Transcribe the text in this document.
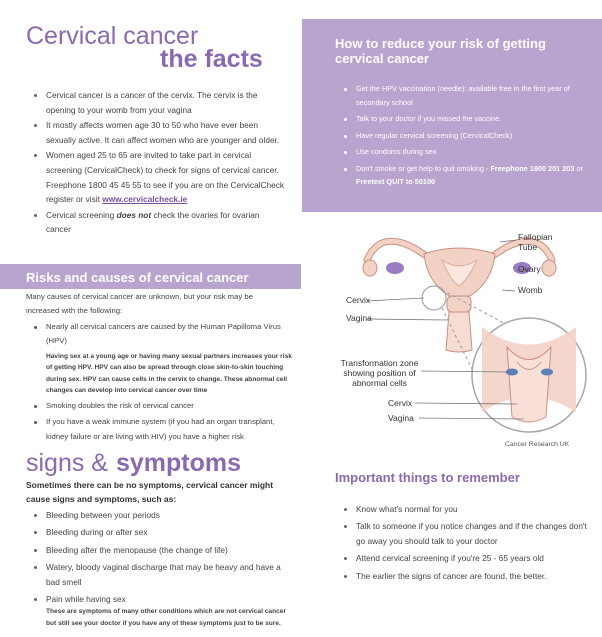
Cervical cancer
the facts
Cervical cancer is a cancer of the cervix. The cervix is the opening to your womb from your vagina
It mostly affects women age 30 to 50 who have ever been sexually active. It can affect women who are younger and older.
Women aged 25 to 65 are invited to take part in cervical screening (CervicalCheck) to check for signs of cervical cancer. Freephone 1800 45 45 55 to see if you are on the CervicalCheck register or visit www.cervicalcheck.ie
Cervical screening does not check the ovaries for ovarian cancer
Risks and causes of cervical cancer
Many causes of cervical cancer are unknown, but your risk may be increased with the following:
Nearly all cervical cancers are caused by the Human Papilloma Virus (HPV)
Having sex at a young age or having many sexual partners increases your risk of getting HPV. HPV can also be spread through close skin-to-skin touching during sex. HPV can cause cells in the cervix to change. These abnormal cell changes can develop into cervical cancer over time
Smoking doubles the risk of cervical cancer
If you have a weak immune system (if you had an organ transplant, kidney failure or are living with HIV) you have a higher risk
How to reduce your risk of getting cervical cancer
Get the HPV vaccination (needle): available free in the first year of secondary school
Talk to your doctor if you missed the vaccine.
Have regular cervical screening (CervicalCheck)
Use condoms during sex
Don't smoke or get help to quit smoking - Freephone 1800 201 203 or Freetext QUIT to 50100
Fallopian Tube
Ovary
Womb
Cervix
Vagina
Transformation zone showing position of abnormal cells
Cervix
Vagina
Cancer Research UK
signs & symptoms
Sometimes there can be no symptoms, cervical cancer might cause signs and symptoms, such as:
Bleeding between your periods
Bleeding during or after sex
Bleeding after the menopause (the change of life)
Watery, bloody vaginal discharge that may be heavy and have a bad smell
Pain while having sex
These are symptoms of many other conditions which are not cervical cancer but still see your doctor if you have any of these symptoms just to be sure.
Important things to remember
Know what's normal for you
Talk to someone if you notice changes and if the changes don't go away you should talk to your doctor
Attend cervical screening if you're 25 - 65 years old
The earlier the signs of cancer are found, the better.
